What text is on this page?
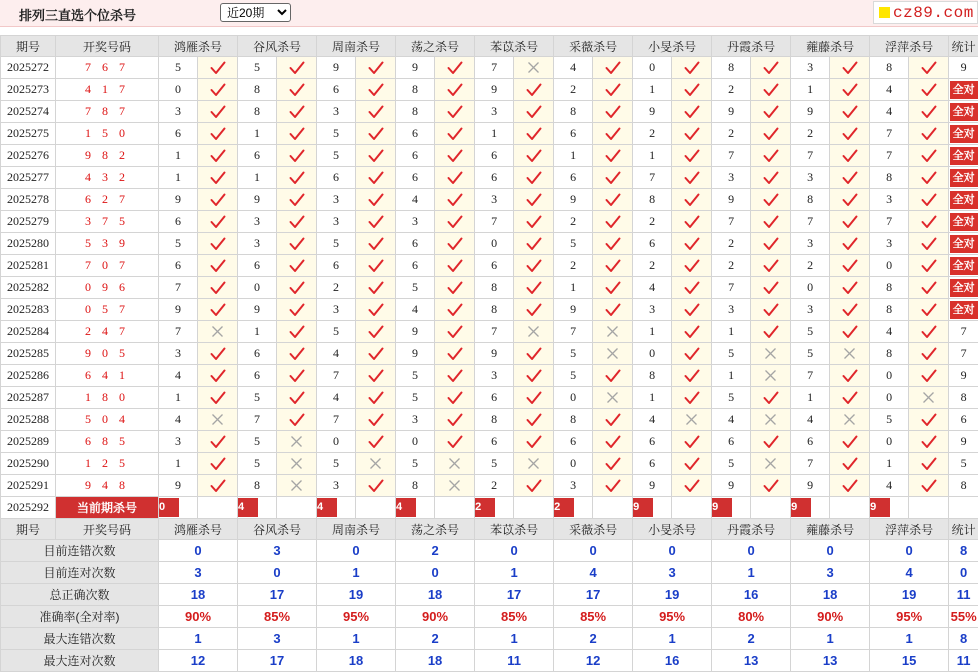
排列三直选个位杀号
近20期	cz89.com
期号	开奖号码	鸿雁杀号		谷风杀号		周南杀号		荡之杀号		苯苡杀号		采薇杀号		小旻杀号		丹霞杀号		蕹藤杀号		浮萍杀号		统计
2025272	7 6 7	5		5		9		9		7		4		0		8		3		8		9
2025273	4 1 7	0		8		6		8		9		2		1		2		1		4		全对
2025274	7 8 7	3		8		3		8		3		8		9		9		9		4		全对
2025275	1 5 0	6		1		5		6		1		6		2		2		2		7		全对
2025276	9 8 2	1		6		5		6		6		1		1		7		7		7		全对
2025277	4 3 2	1		1		6		6		6		6		7		3		3		8		全对
2025278	6 2 7	9		9		3		4		3		9		8		9		8		3		全对
2025279	3 7 5	6		3		3		3		7		2		2		7		7		7		全对
2025280	5 3 9	5		3		5		6		0		5		6		2		3		3		全对
2025281	7 0 7	6		6		6		6		6		2		2		2		2		0		全对
2025282	0 9 6	7		0		2		5		8		1		4		7		0		8		全对
2025283	0 5 7	9		9		3		4		8		9		3		3		3		8		全对
2025284	2 4 7	7		1		5		9		7		7		1		1		5		4		7
2025285	9 0 5	3		6		4		9		9		5		0		5		5		8		7
2025286	6 4 1	4		6		7		5		3		5		8		1		7		0		9
2025287	1 8 0	1		5		4		5		6		0		1		5		1		0		8
2025288	5 0 4	4		7		7		3		8		8		4		4		4		5		6
2025289	6 8 5	3		5		0		0		6		6		6		6		6		0		9
2025290	1 2 5	1		5		5		5		5		0		6		5		7		1		5
2025291	9 4 8	9		8		3		8		2		3		9		9		9		4		8
2025292	当前期杀号	0		4		4		4		2		2		9		9		9		9		
期号	开奖号码	鸿雁杀号		谷风杀号		周南杀号		荡之杀号		苯苡杀号		采薇杀号		小旻杀号		丹霞杀号		蕹藤杀号		浮萍杀号		统计
目前连错次数		0		3		0		2		0		0		0		0		0		0		8
目前连对次数		3		0		1		0		1		4		3		1		3		4		0
总正确次数		18		17		19		18		17		17		19		16		18		19		11
准确率(全对率)		90%		85%		95%		90%		85%		85%		95%		80%		90%		95%		55%
最大连错次数		1		3		1		2		1		2		1		2		1		1		8
最大连对次数		12		17		18		18		11		12		16		13		13		15		11
